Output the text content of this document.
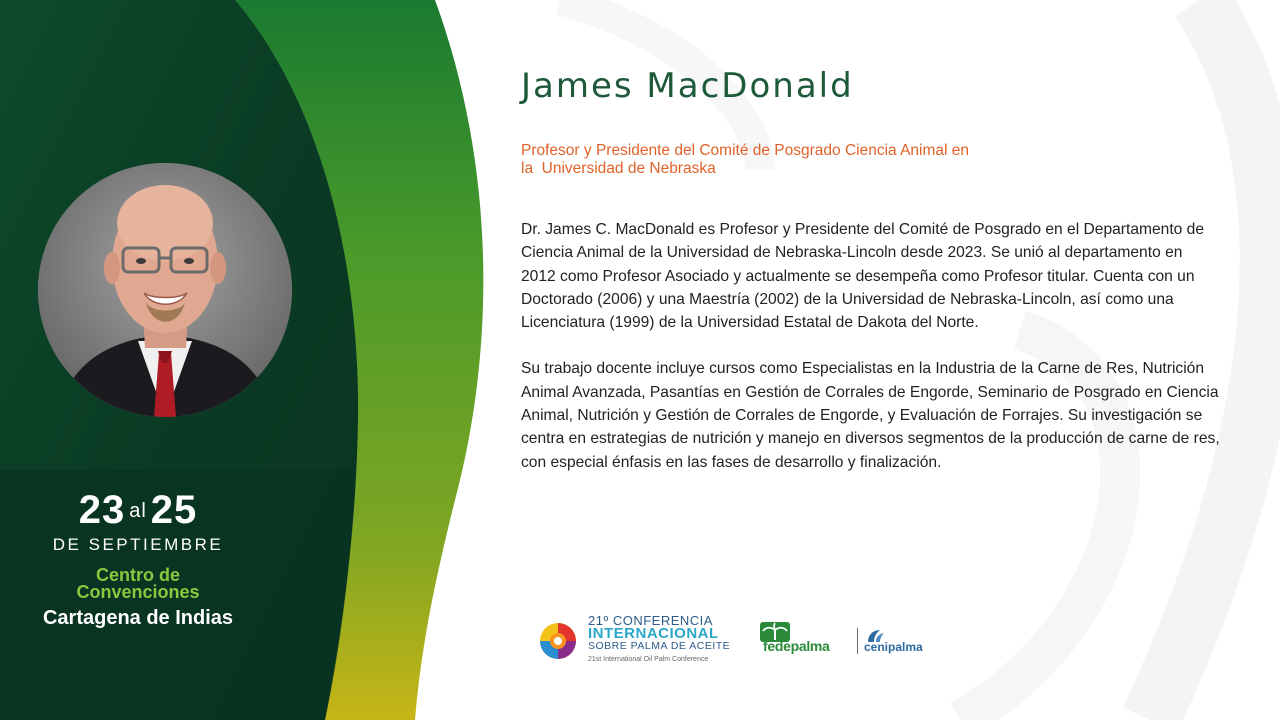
23 al 25
DE SEPTIEMBRE
Centro de
Convenciones
Cartagena de Indias
James MacDonald
Profesor y Presidente del Comité de Posgrado Ciencia Animal en
la  Universidad de Nebraska

Dr. James C. MacDonald es Profesor y Presidente del Comité de Posgrado en el Departamento de Ciencia Animal de la Universidad de Nebraska-Lincoln desde 2023. Se unió al departamento en 2012 como Profesor Asociado y actualmente se desempeña como Profesor titular. Cuenta con un Doctorado (2006) y una Maestría (2002) de la Universidad de Nebraska-Lincoln, así como una Licenciatura (1999) de la Universidad Estatal de Dakota del Norte.

Su trabajo docente incluye cursos como Especialistas en la Industria de la Carne de Res, Nutrición Animal Avanzada, Pasantías en Gestión de Corrales de Engorde, Seminario de Posgrado en Ciencia Animal, Nutrición y Gestión de Corrales de Engorde, y Evaluación de Forrajes. Su investigación se centra en estrategias de nutrición y manejo en diversos segmentos de la producción de carne de res, con especial énfasis en las fases de desarrollo y finalización.

21º CONFERENCIA
INTERNACIONAL
SOBRE PALMA DE ACEITE
21st International Oil Palm Conference
fedepalma	cenipalma
